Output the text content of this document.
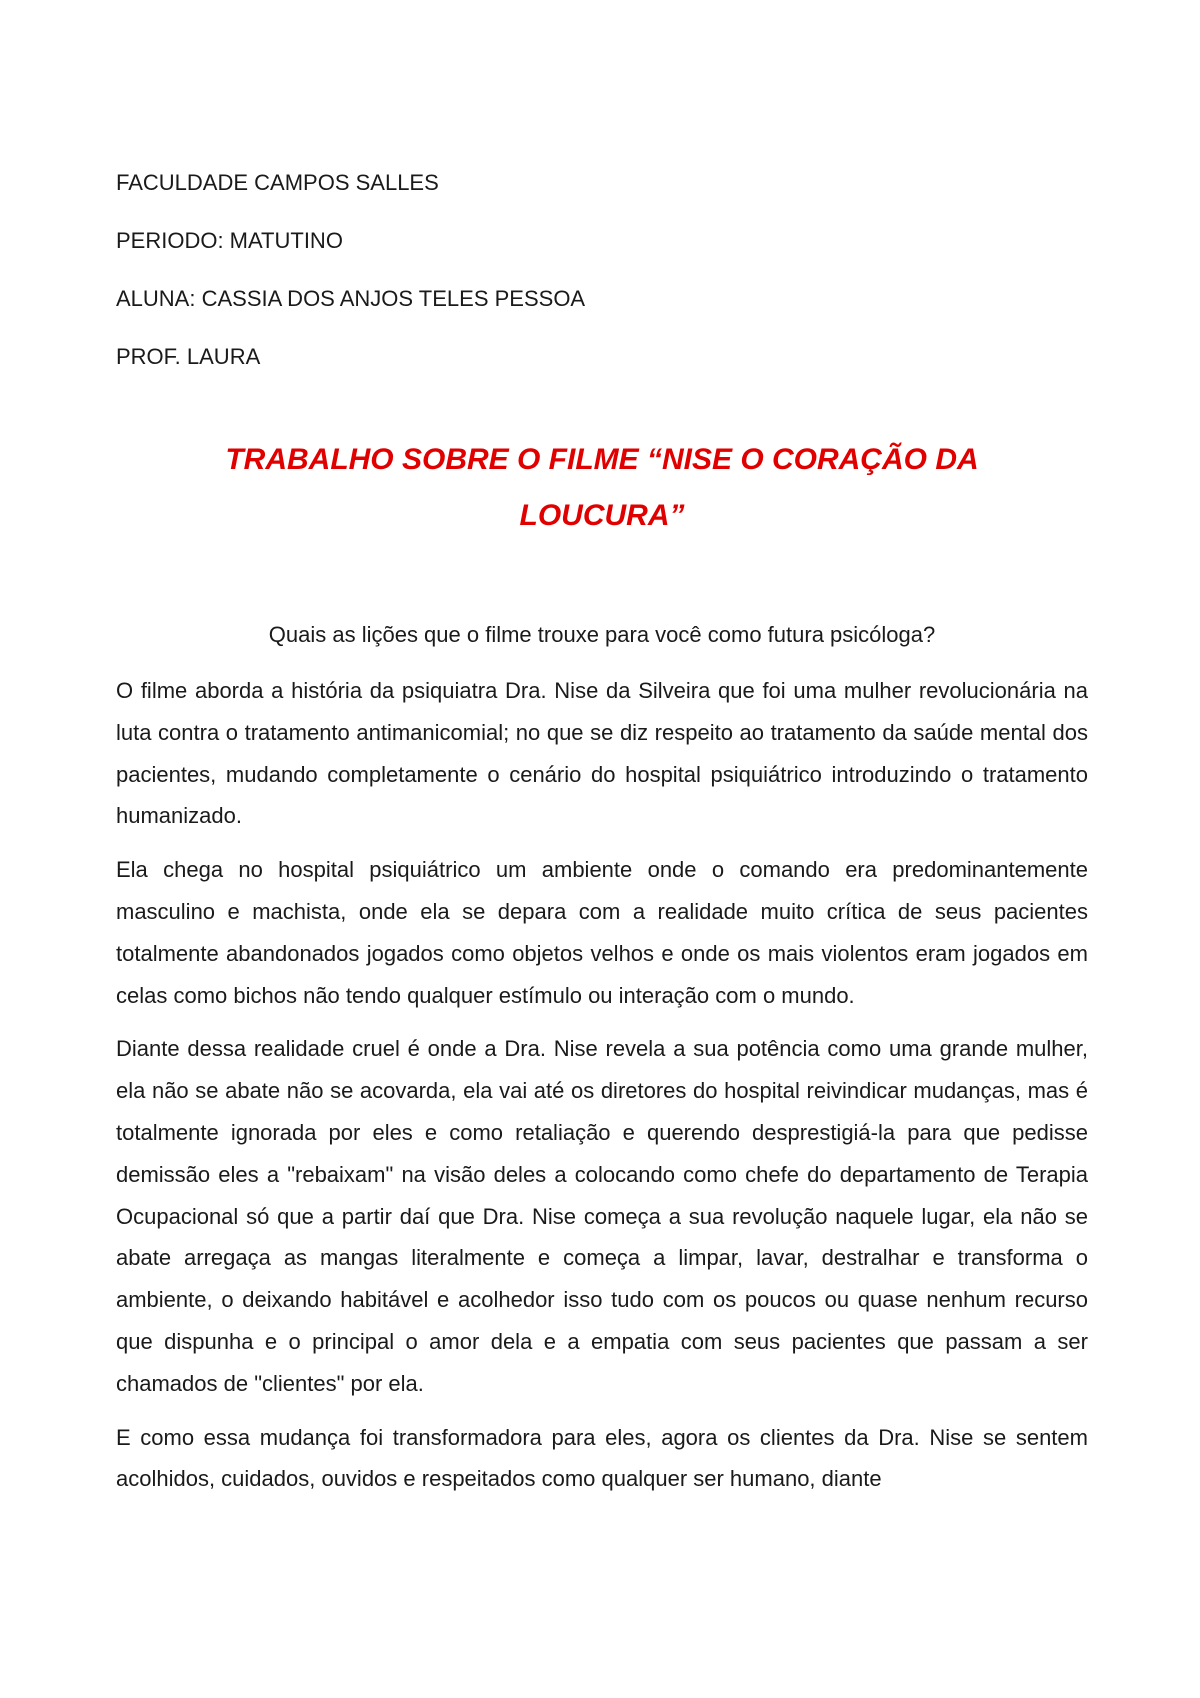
FACULDADE CAMPOS SALLES
PERIODO: MATUTINO
ALUNA: CASSIA DOS ANJOS TELES PESSOA
PROF. LAURA
TRABALHO SOBRE O FILME “NISE O CORAÇÃO DA
LOUCURA”
Quais as lições que o filme trouxe para você como futura psicóloga?

O filme aborda a história da psiquiatra Dra. Nise da Silveira que foi uma mulher revolucionária na luta contra o tratamento antimanicomial; no que se diz respeito ao tratamento da saúde mental dos pacientes, mudando completamente o cenário do hospital psiquiátrico introduzindo o tratamento humanizado.

Ela chega no hospital psiquiátrico um ambiente onde o comando era predominantemente masculino e machista, onde ela se depara com a realidade muito crítica de seus pacientes totalmente abandonados jogados como objetos velhos e onde os mais violentos eram jogados em celas como bichos não tendo qualquer estímulo ou interação com o mundo.

Diante dessa realidade cruel é onde a Dra. Nise revela a sua potência como uma grande mulher, ela não se abate não se acovarda, ela vai até os diretores do hospital reivindicar mudanças, mas é totalmente ignorada por eles e como retaliação e querendo desprestigiá-la para que pedisse demissão eles a "rebaixam" na visão deles a colocando como chefe do departamento de Terapia Ocupacional só que a partir daí que Dra. Nise começa a sua revolução naquele lugar, ela não se abate arregaça as mangas literalmente e começa a limpar, lavar, destralhar e transforma o ambiente, o deixando habitável e acolhedor isso tudo com os poucos ou quase nenhum recurso que dispunha e o principal o amor dela e a empatia com seus pacientes que passam a ser chamados de "clientes" por ela.

E como essa mudança foi transformadora para eles, agora os clientes da Dra. Nise se sentem acolhidos, cuidados, ouvidos e respeitados como qualquer ser humano, diante
